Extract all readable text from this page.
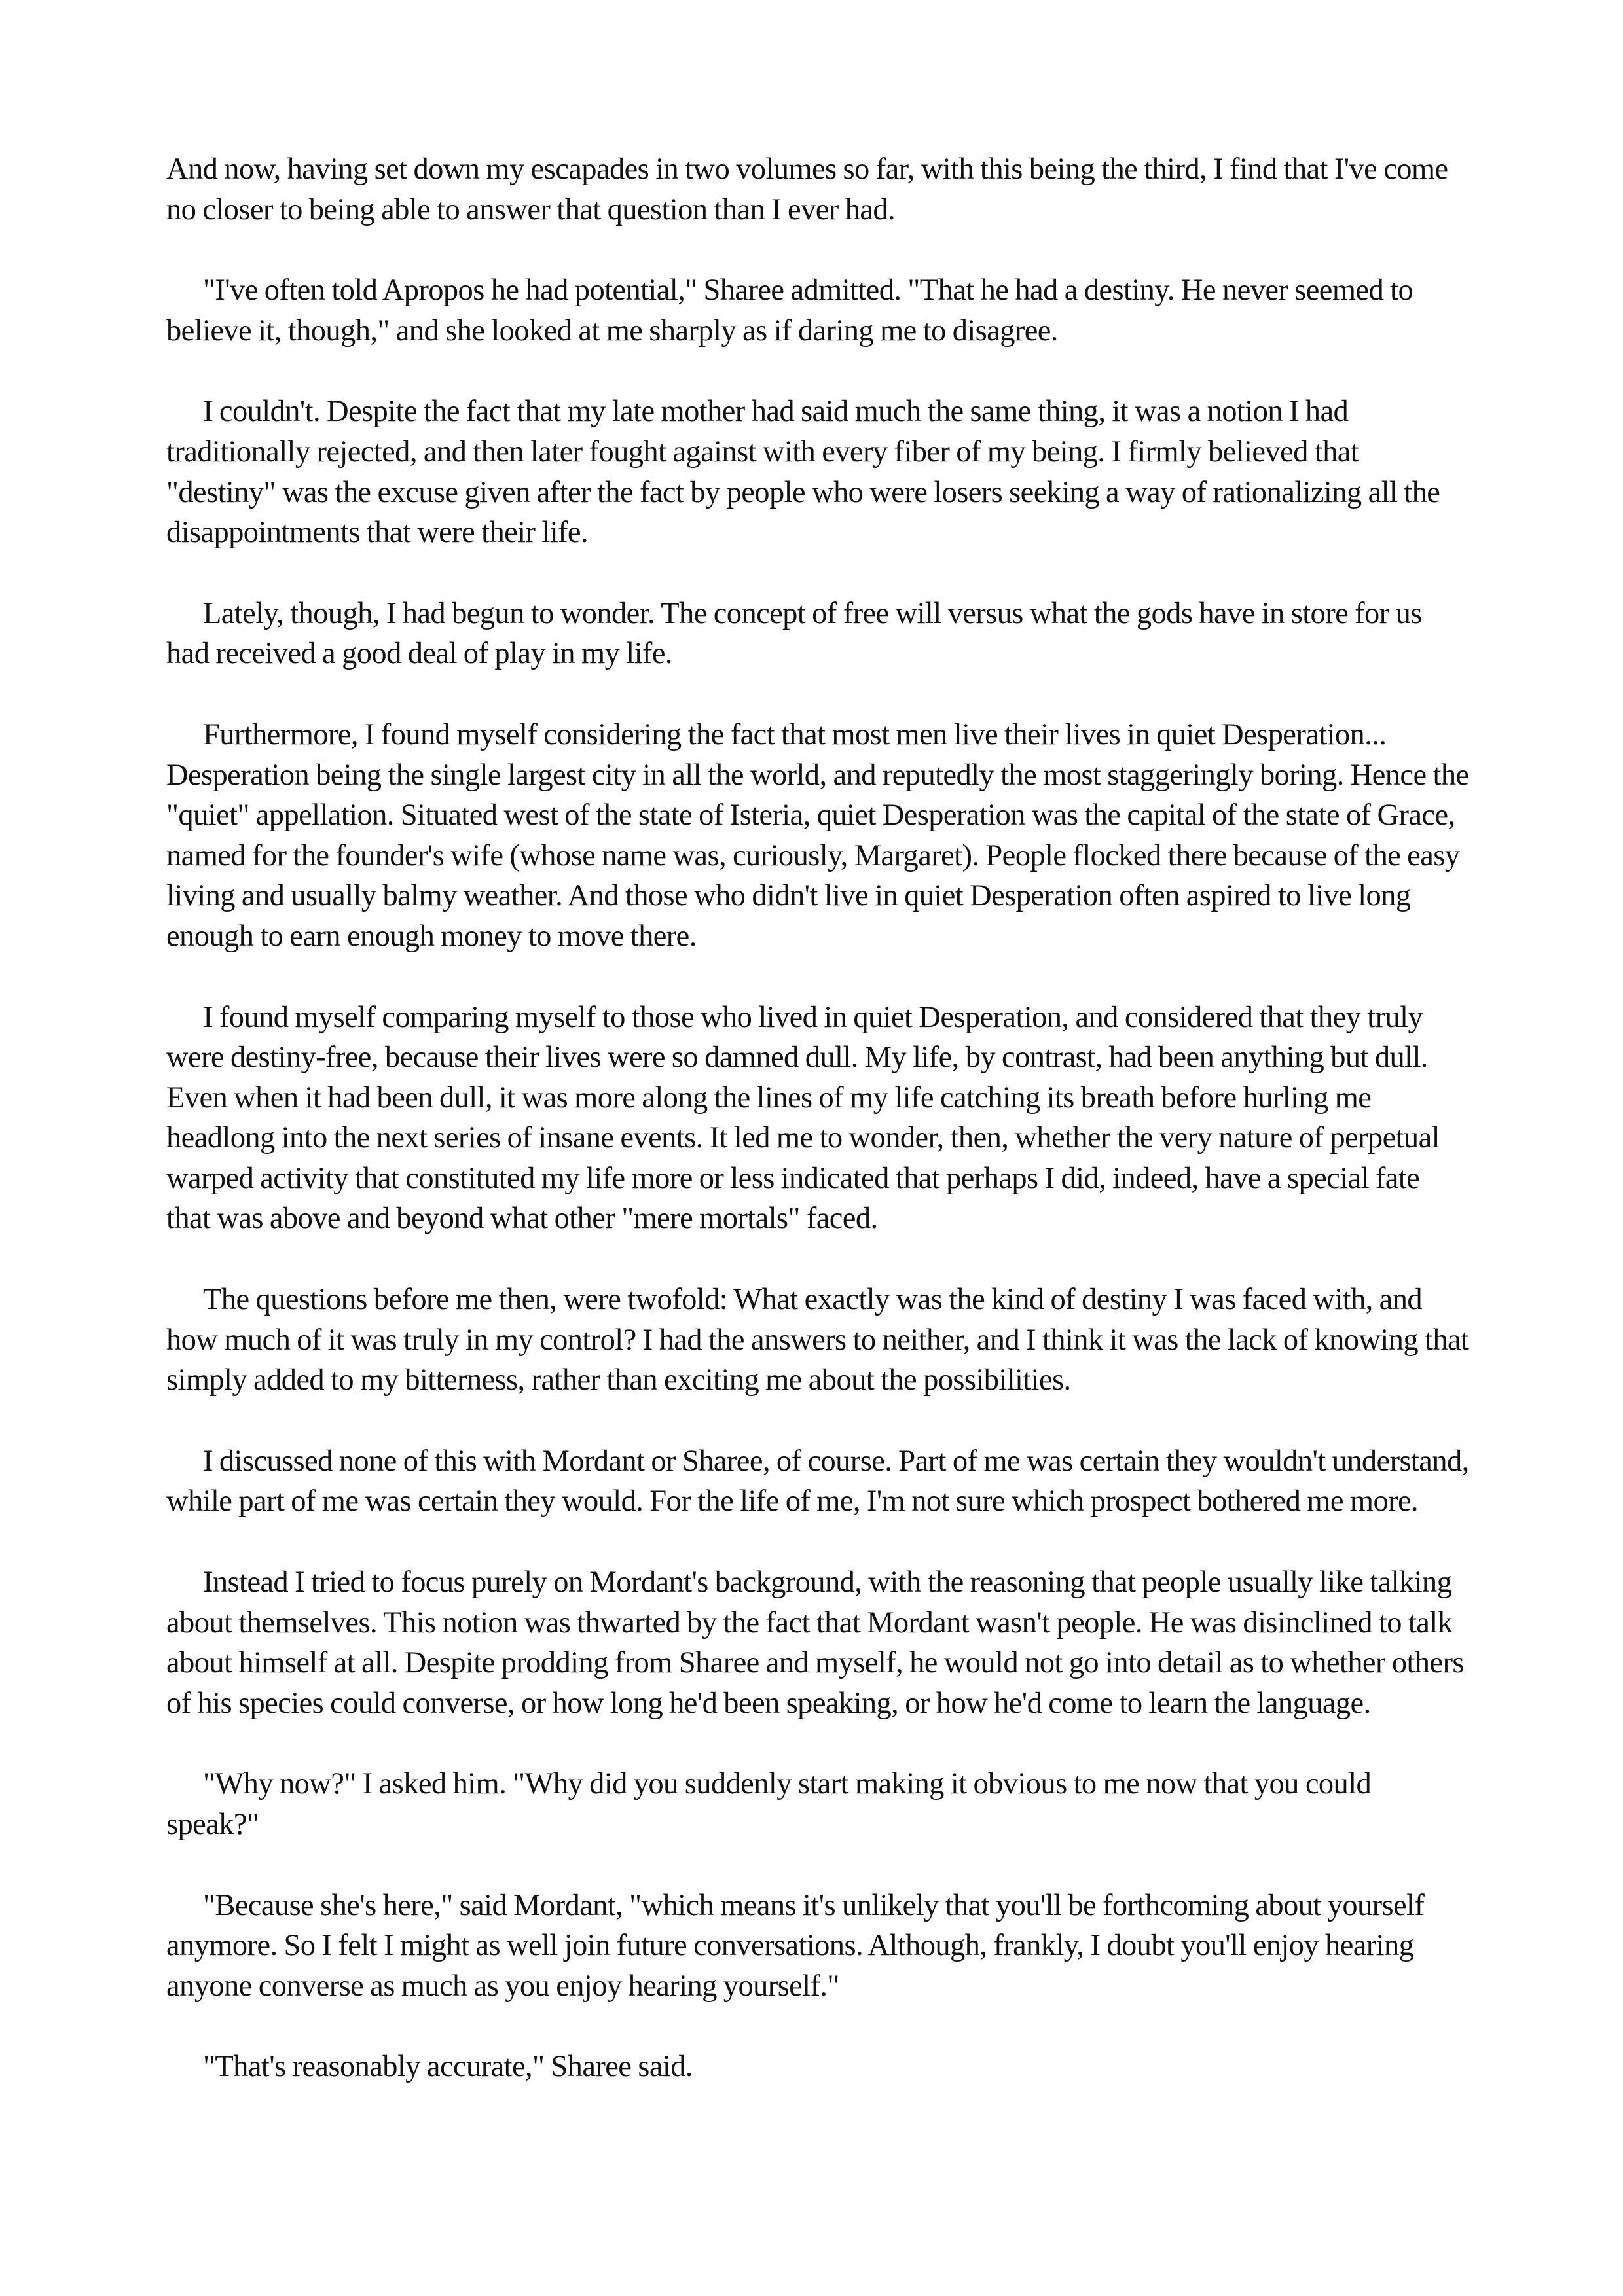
And now, having set down my escapades in two volumes so far, with this being the third, I find that I've come no closer to being able to answer that question than I ever had.

"I've often told Apropos he had potential," Sharee admitted. "That he had a destiny. He never seemed to believe it, though," and she looked at me sharply as if daring me to disagree.

I couldn't. Despite the fact that my late mother had said much the same thing, it was a notion I had traditionally rejected, and then later fought against with every fiber of my being. I firmly believed that "destiny" was the excuse given after the fact by people who were losers seeking a way of rationalizing all the disappointments that were their life.

Lately, though, I had begun to wonder. The concept of free will versus what the gods have in store for us had received a good deal of play in my life.

Furthermore, I found myself considering the fact that most men live their lives in quiet Desperation... Desperation being the single largest city in all the world, and reputedly the most staggeringly boring. Hence the "quiet" appellation. Situated west of the state of Isteria, quiet Desperation was the capital of the state of Grace, named for the founder's wife (whose name was, curiously, Margaret). People flocked there because of the easy living and usually balmy weather. And those who didn't live in quiet Desperation often aspired to live long enough to earn enough money to move there.

I found myself comparing myself to those who lived in quiet Desperation, and considered that they truly were destiny-free, because their lives were so damned dull. My life, by contrast, had been anything but dull. Even when it had been dull, it was more along the lines of my life catching its breath before hurling me headlong into the next series of insane events. It led me to wonder, then, whether the very nature of perpetual warped activity that constituted my life more or less indicated that perhaps I did, indeed, have a special fate that was above and beyond what other "mere mortals" faced.

The questions before me then, were twofold: What exactly was the kind of destiny I was faced with, and how much of it was truly in my control? I had the answers to neither, and I think it was the lack of knowing that simply added to my bitterness, rather than exciting me about the possibilities.

I discussed none of this with Mordant or Sharee, of course. Part of me was certain they wouldn't understand, while part of me was certain they would. For the life of me, I'm not sure which prospect bothered me more.

Instead I tried to focus purely on Mordant's background, with the reasoning that people usually like talking about themselves. This notion was thwarted by the fact that Mordant wasn't people. He was disinclined to talk about himself at all. Despite prodding from Sharee and myself, he would not go into detail as to whether others of his species could converse, or how long he'd been speaking, or how he'd come to learn the language.

"Why now?" I asked him. "Why did you suddenly start making it obvious to me now that you could speak?"

"Because she's here," said Mordant, "which means it's unlikely that you'll be forthcoming about yourself anymore. So I felt I might as well join future conversations. Although, frankly, I doubt you'll enjoy hearing anyone converse as much as you enjoy hearing yourself."

"That's reasonably accurate," Sharee said.
